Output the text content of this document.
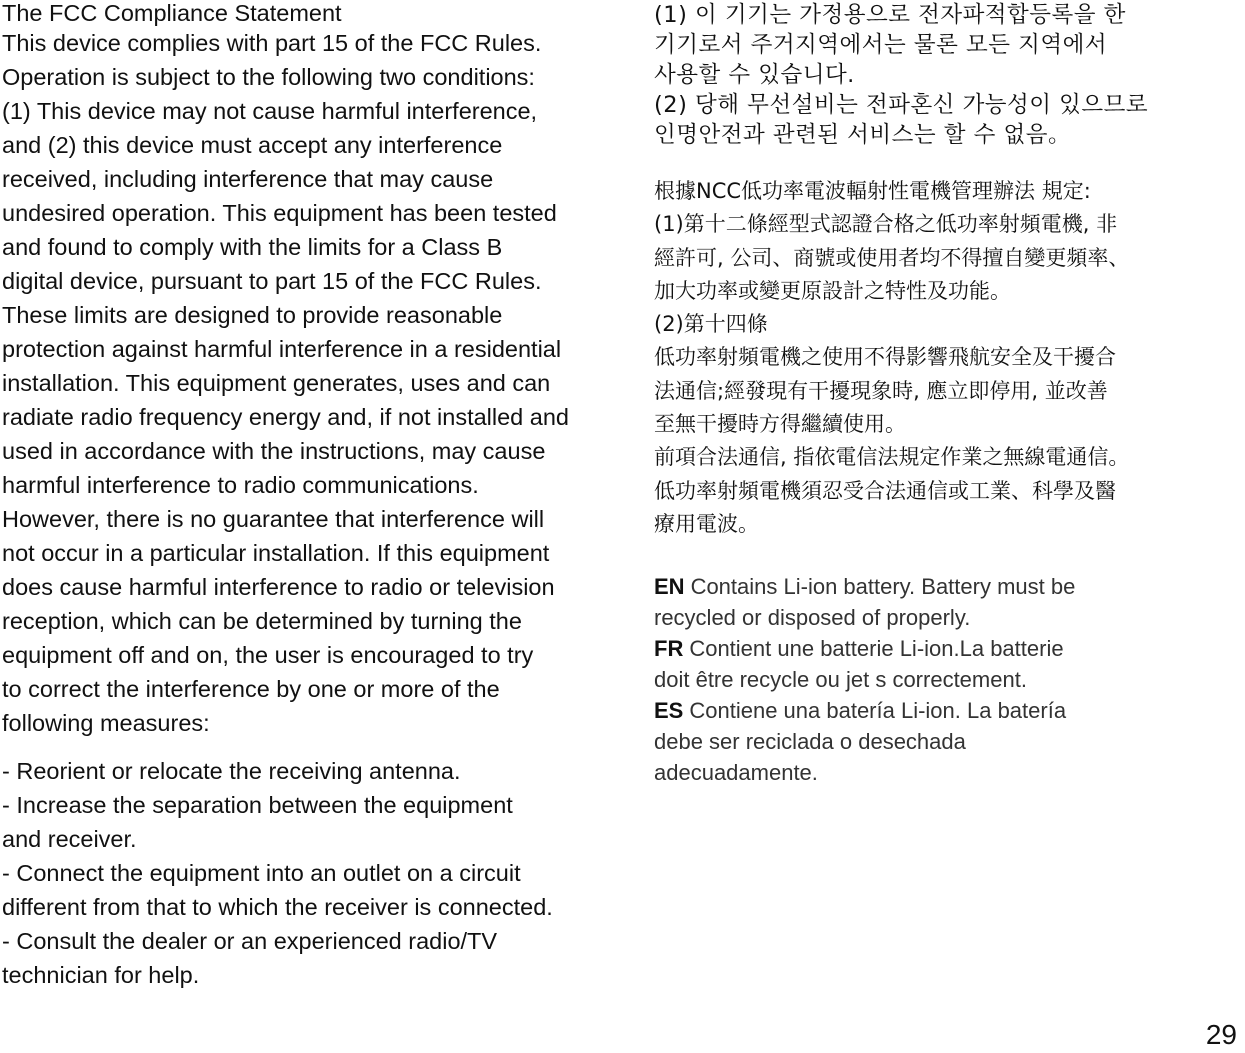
The FCC Compliance Statement

This device complies with part 15 of the FCC Rules.

Operation is subject to the following two conditions:

(1) This device may not cause harmful interference,

and (2) this device must accept any interference

received, including interference that may cause

undesired operation. This equipment has been tested

and found to comply with the limits for a Class B

digital device, pursuant to part 15 of the FCC Rules.

These limits are designed to provide reasonable

protection against harmful interference in a residential

installation. This equipment generates, uses and can

radiate radio frequency energy and, if not installed and

used in accordance with the instructions, may cause

harmful interference to radio communications.

However, there is no guarantee that interference will

not occur in a particular installation. If this equipment

does cause harmful interference to radio or television

reception, which can be determined by turning the

equipment off and on, the user is encouraged to try

to correct the interference by one or more of the

following measures:

- Reorient or relocate the receiving antenna.

- Increase the separation between the equipment

and receiver.

- Connect the equipment into an outlet on a circuit

different from that to which the receiver is connected.

- Consult the dealer or an experienced radio/TV

technician for help.

(1) 이 기기는 가정용으로 전자파적합등록을 한

기기로서 주거지역에서는 물론 모든 지역에서

사용할 수 있습니다.

(2) 당해 무선설비는 전파혼신 가능성이 있으므로

인명안전과 관련된 서비스는 할 수 없음。

根據NCC低功率電波輻射性電機管理辦法 規定:

(1)第十二條經型式認證合格之低功率射頻電機, 非

經許可, 公司、商號或使用者均不得擅自變更頻率、

加大功率或變更原設計之特性及功能。

(2)第十四條

低功率射頻電機之使用不得影響飛航安全及干擾合

法通信;經發現有干擾現象時, 應立即停用, 並改善

至無干擾時方得繼續使用。

前項合法通信, 指依電信法規定作業之無線電通信。

低功率射頻電機須忍受合法通信或工業、科學及醫

療用電波。

EN Contains Li-ion battery. Battery must be

recycled or disposed of properly.

FR Contient une batterie Li-ion.La batterie

doit être recycle ou jet s correctement.

ES Contiene una batería Li-ion. La batería

debe ser reciclada o desechada

adecuadamente.

29
